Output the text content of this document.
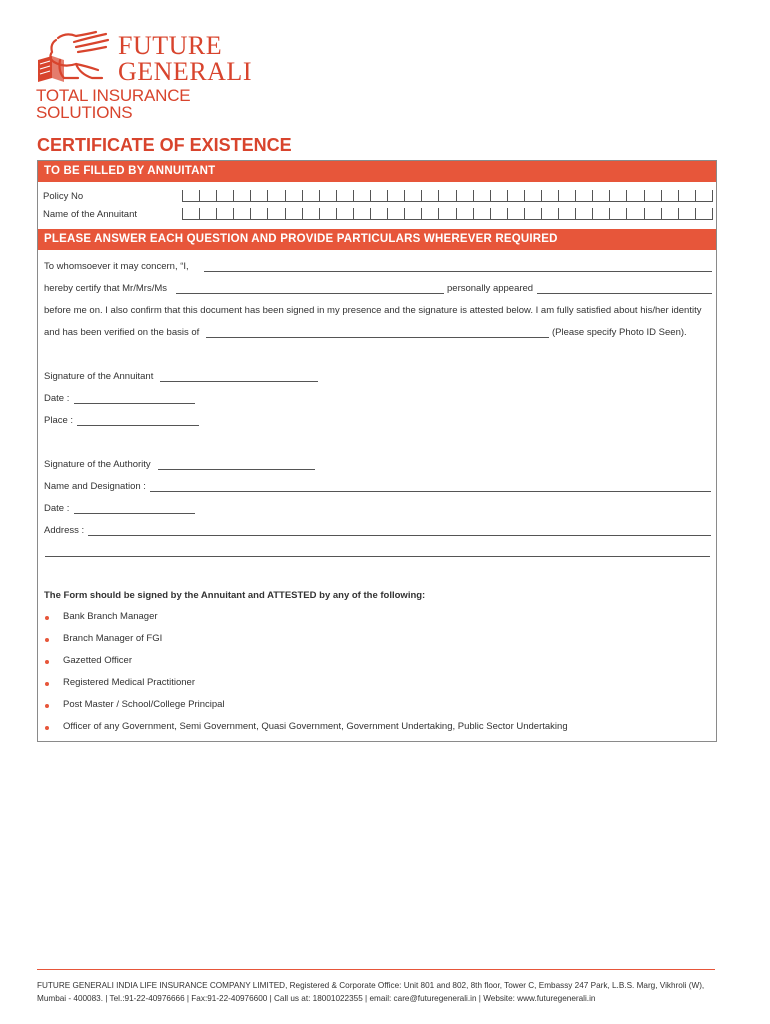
FUTURE
GENERALI
TOTAL INSURANCE SOLUTIONS
CERTIFICATE OF EXISTENCE
TO BE FILLED BY ANNUITANT
Policy No
Name of the Annuitant
PLEASE ANSWER EACH QUESTION AND PROVIDE PARTICULARS WHEREVER REQUIRED
To whomsoever it may concern, “I,
hereby certify that Mr/Mrs/Ms	personally appeared
before me on. I also confirm that this document has been signed in my presence and the signature is attested below. I am fully satisfied about his/her identity
and has been verified on the basis of	(Please specify Photo ID Seen).
Signature of the Annuitant
Date :
Place :
Signature of the Authority
Name and Designation :
Date :
Address :
The Form should be signed by the Annuitant and ATTESTED by any of the following:
Bank Branch Manager
Branch Manager of FGI
Gazetted Officer
Registered Medical Practitioner
Post Master / School/College Principal
Officer of any Government, Semi Government, Quasi Government, Government Undertaking, Public Sector Undertaking
FUTURE GENERALI INDIA LIFE INSURANCE COMPANY LIMITED, Registered & Corporate Office: Unit 801 and 802, 8th floor, Tower C, Embassy 247 Park, L.B.S. Marg, Vikhroli (W),
Mumbai - 400083. | Tel.:91-22-40976666 | Fax:91-22-40976600 | Call us at: 18001022355 | email: care@futuregenerali.in | Website: www.futuregenerali.in
